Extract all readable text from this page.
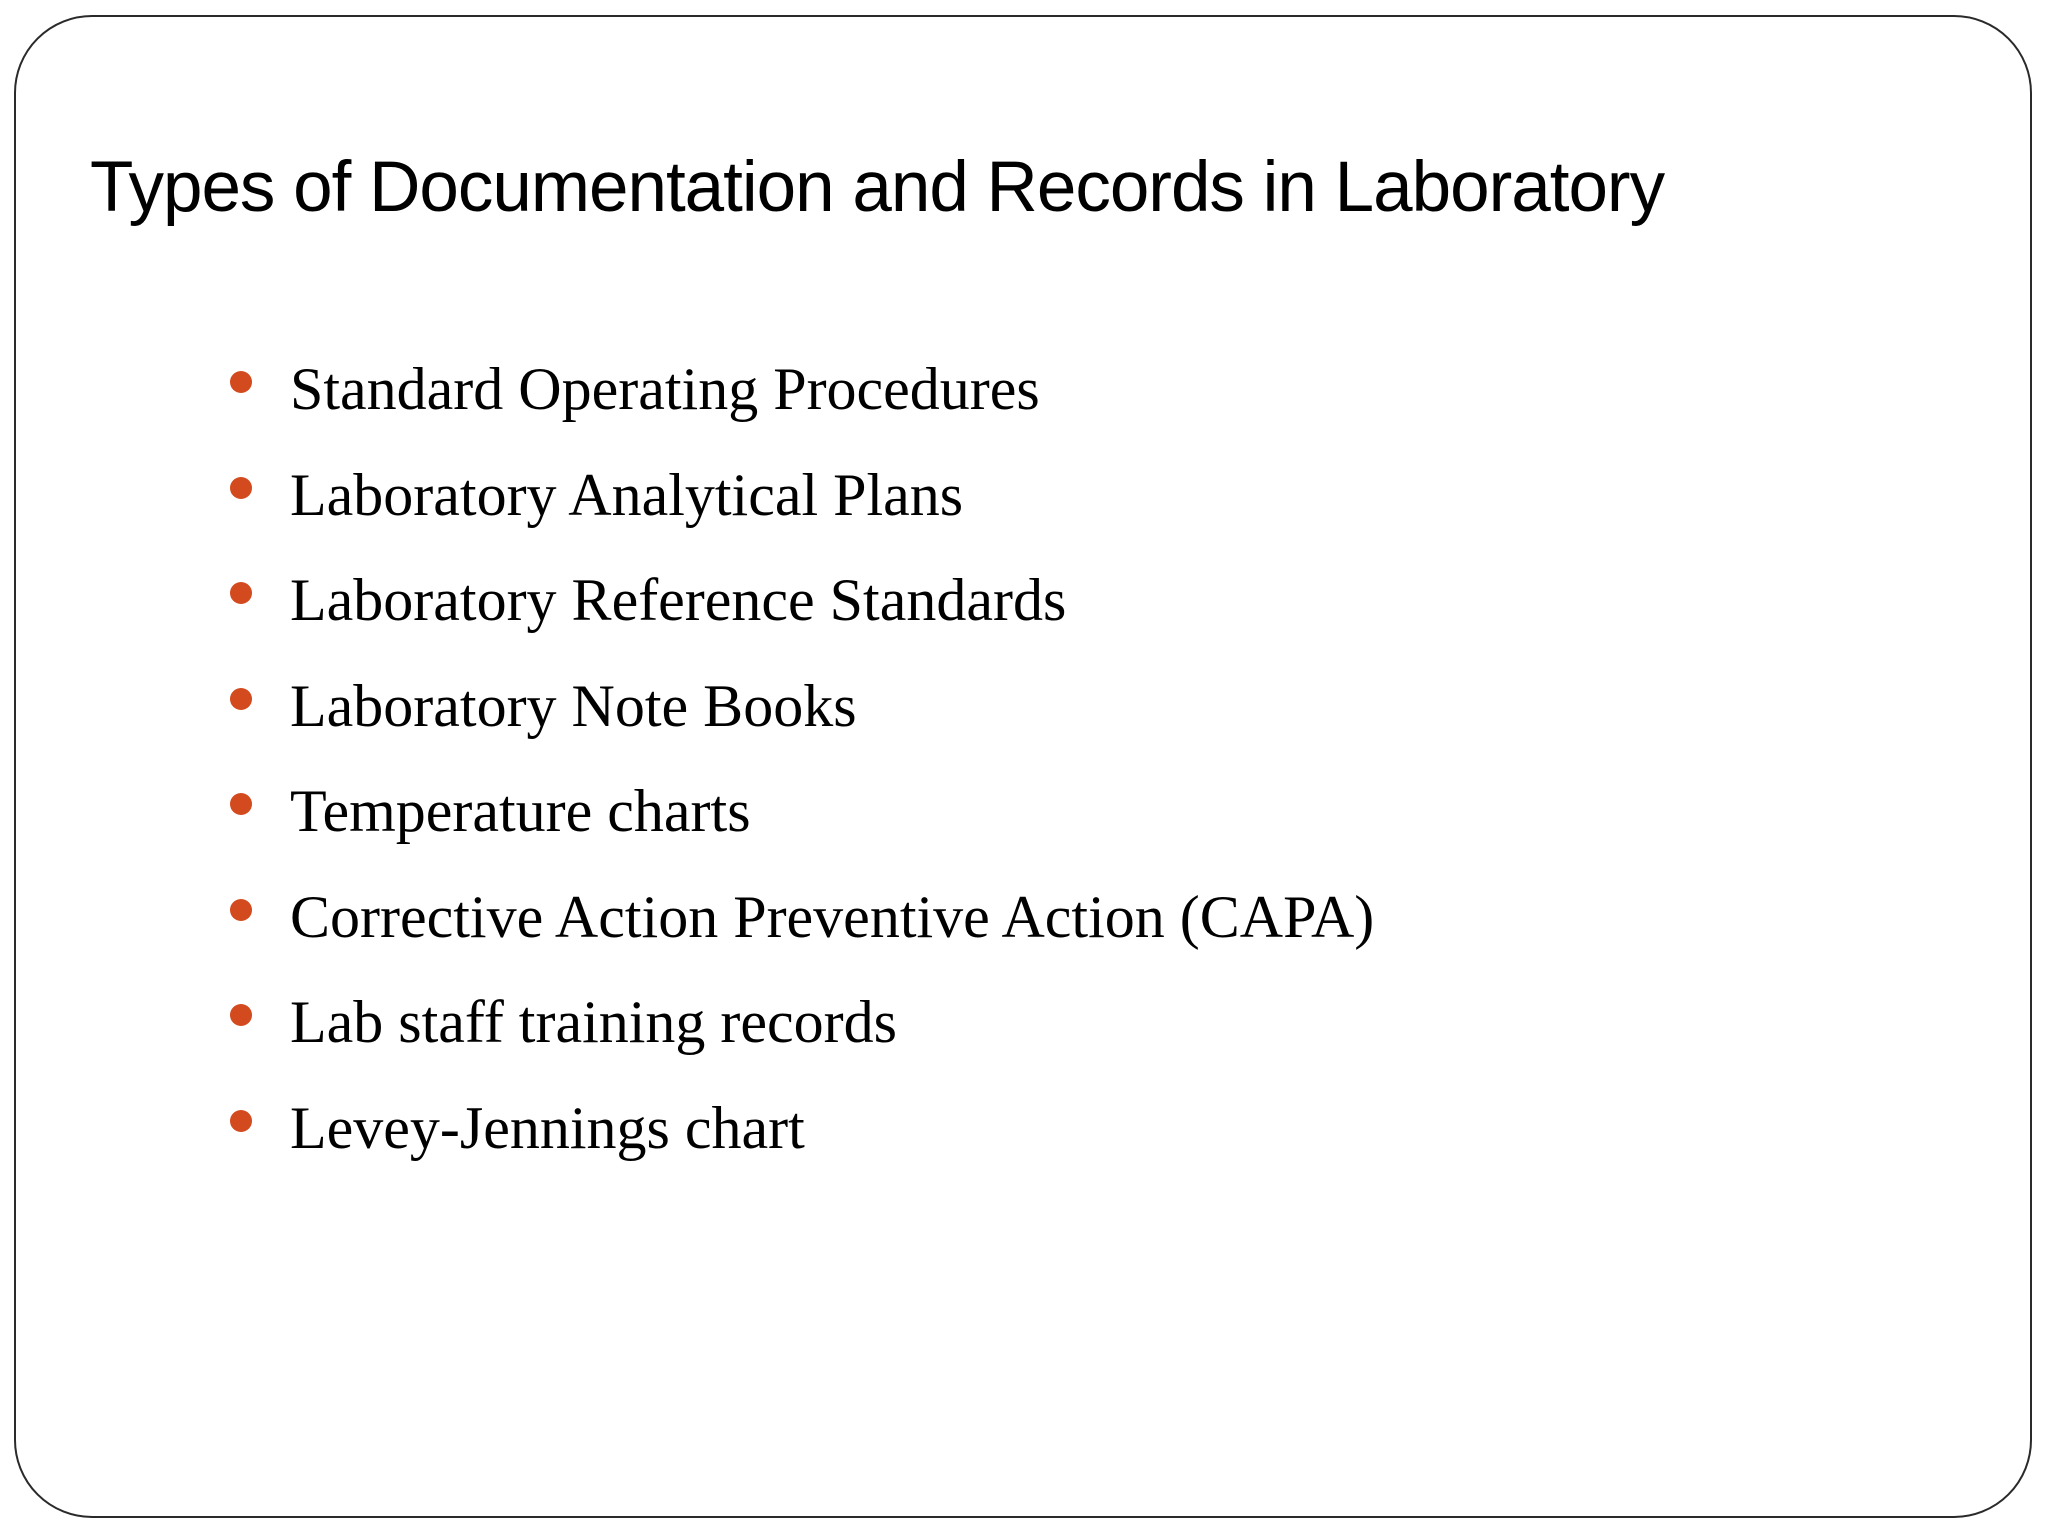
Types of Documentation and Records in Laboratory
Standard Operating Procedures
Laboratory Analytical Plans
Laboratory Reference Standards
Laboratory Note Books
Temperature charts
Corrective Action Preventive Action (CAPA)
Lab staff training records
Levey-Jennings chart
